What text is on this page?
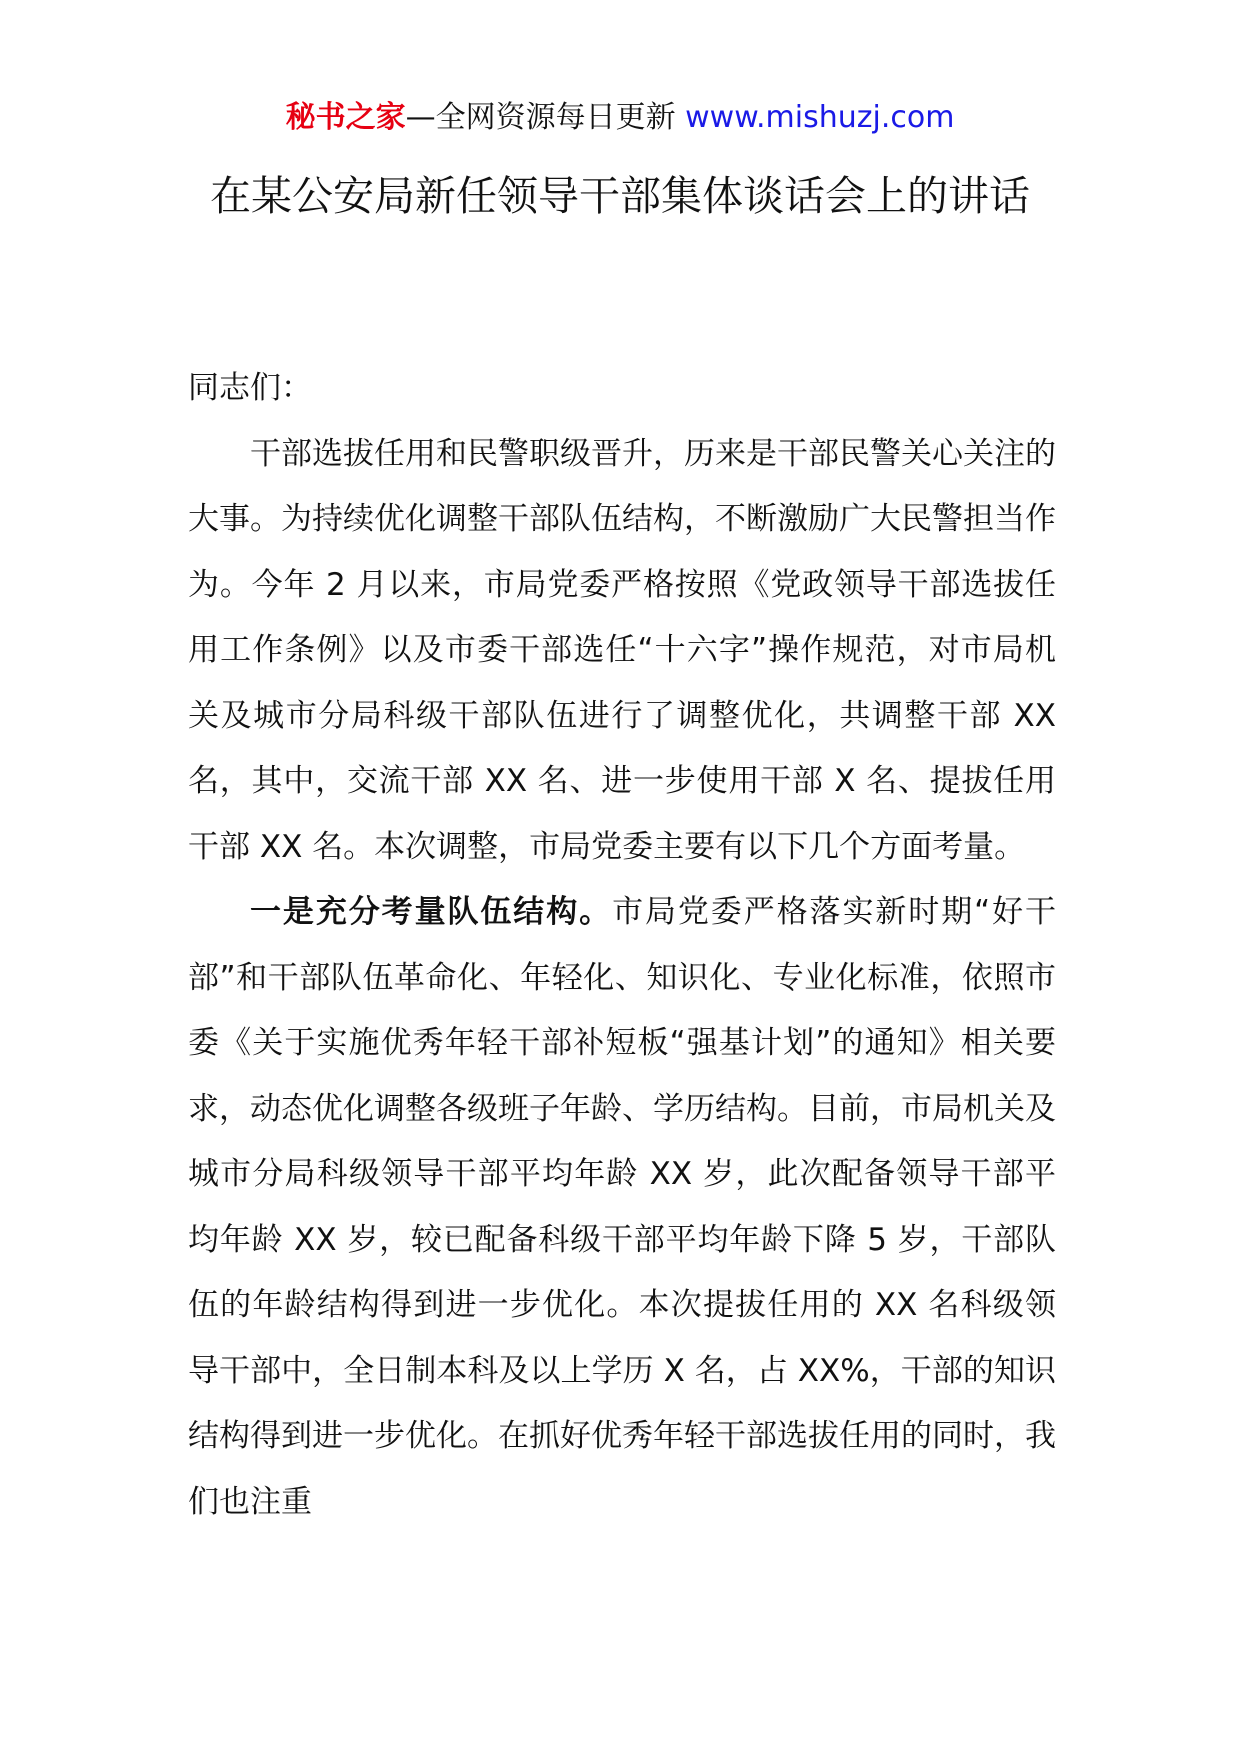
秘书之家—全网资源每日更新 www.mishuzj.com
在某公安局新任领导干部集体谈话会上的讲话

同志们：

干部选拔任用和民警职级晋升，历来是干部民警关心关注的大事。为持续优化调整干部队伍结构，不断激励广大民警担当作为。今年 2 月以来，市局党委严格按照《党政领导干部选拔任用工作条例》以及市委干部选任“十六字”操作规范，对市局机关及城市分局科级干部队伍进行了调整优化，共调整干部 XX 名，其中，交流干部 XX 名、进一步使用干部 X 名、提拔任用干部 XX 名。本次调整，市局党委主要有以下几个方面考量。

一是充分考量队伍结构。市局党委严格落实新时期“好干部”和干部队伍革命化、年轻化、知识化、专业化标准，依照市委《关于实施优秀年轻干部补短板“强基计划”的通知》相关要求，动态优化调整各级班子年龄、学历结构。目前，市局机关及城市分局科级领导干部平均年龄 XX 岁，此次配备领导干部平均年龄 XX 岁，较已配备科级干部平均年龄下降 5 岁，干部队伍的年龄结构得到进一步优化。本次提拔任用的 XX 名科级领导干部中，全日制本科及以上学历 X 名，占 XX%，干部的知识结构得到进一步优化。在抓好优秀年轻干部选拔任用的同时，我们也注重
